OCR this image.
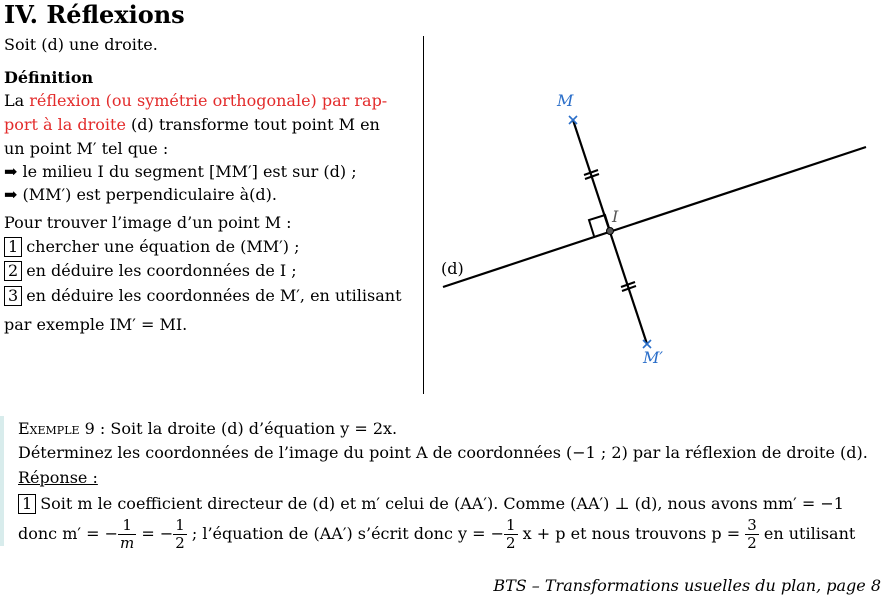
IV. Réflexions
Soit (d) une droite.
Définition
La réflexion (ou symétrie orthogonale) par rap-
port à la droite (d) transforme tout point M en
un point M′ tel que :
➡ le milieu I du segment [MM′] est sur (d) ;
➡ (MM′) est perpendiculaire à(d).
Pour trouver l’image d’un point M :
1 chercher une équation de (MM′) ;
2 en déduire les coordonnées de I ;
3 en déduire les coordonnées de M′, en utilisant
par exemple IM′ = MI.
M
M′
I
(d)
Exemple 9 : Soit la droite (d) d’équation y = 2x.
Déterminez les coordonnées de l’image du point A de coordonnées (−1 ; 2) par la réflexion de droite (d).
Réponse :
1 Soit m le coefficient directeur de (d) et m′ celui de (AA′). Comme (AA′) ⊥ (d), nous avons mm′ = −1
donc m′ = − $\frac{1}{m}$ = − $\frac{1}{2}$ ; l’équation de (AA′) s’écrit donc y = − $\frac{1}{2}$ x + p et nous trouvons $p = \frac{3}{2}$ en utilisant
BTS – Transformations usuelles du plan, page 8
